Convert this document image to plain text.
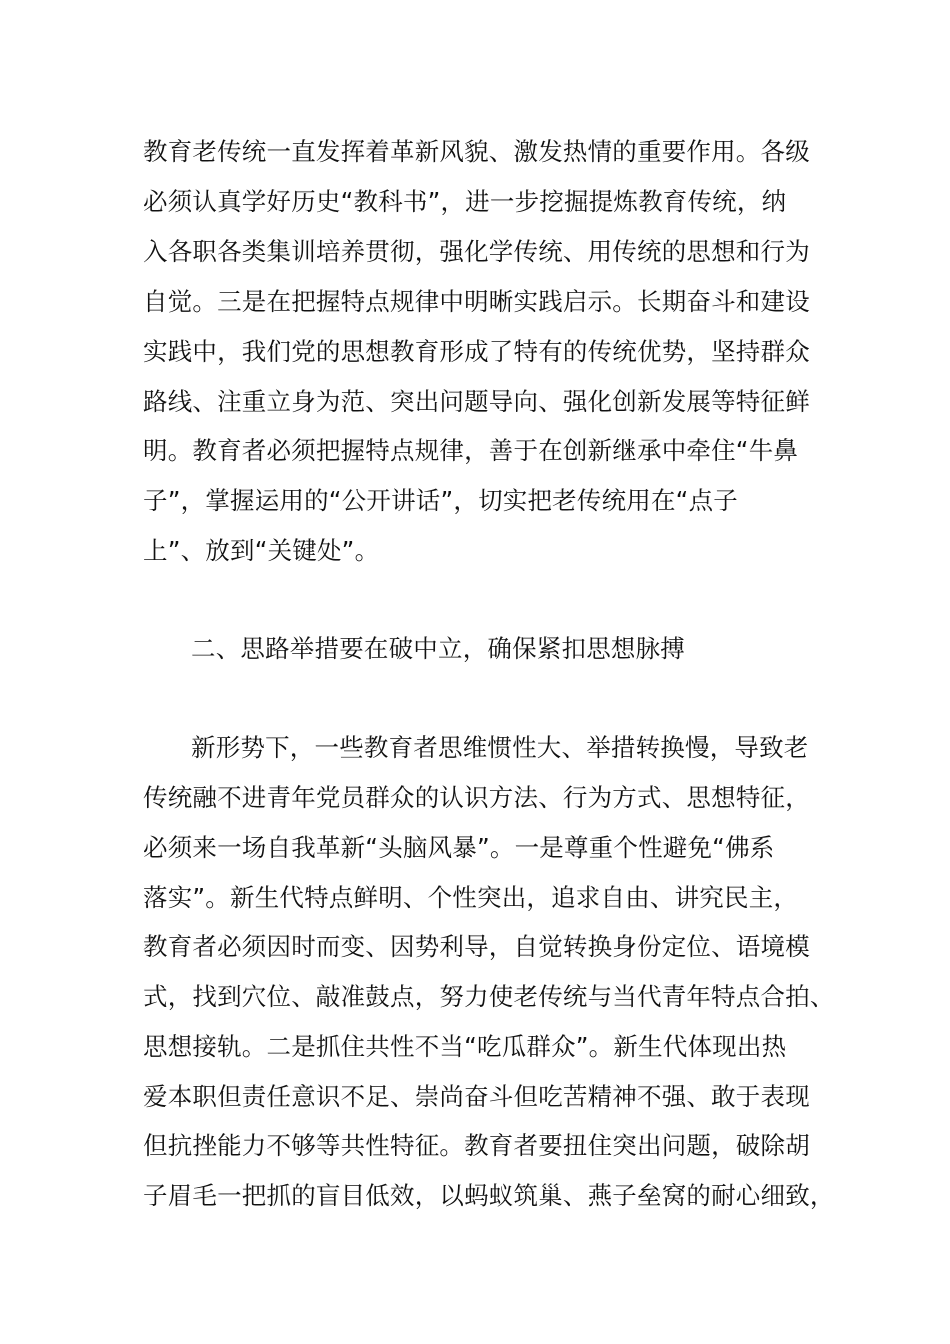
教育老传统一直发挥着革新风貌、激发热情的重要作用。各级
必须认真学好历史“教科书”，进一步挖掘提炼教育传统，纳
入各职各类集训培养贯彻，强化学传统、用传统的思想和行为
自觉。三是在把握特点规律中明晰实践启示。长期奋斗和建设
实践中，我们党的思想教育形成了特有的传统优势，坚持群众
路线、注重立身为范、突出问题导向、强化创新发展等特征鲜
明。教育者必须把握特点规律，善于在创新继承中牵住“牛鼻
子”，掌握运用的“公开讲话”，切实把老传统用在“点子
上”、放到“关键处”。
二、思路举措要在破中立，确保紧扣思想脉搏
新形势下，一些教育者思维惯性大、举措转换慢，导致老
传统融不进青年党员群众的认识方法、行为方式、思想特征，
必须来一场自我革新“头脑风暴”。一是尊重个性避免“佛系
落实”。新生代特点鲜明、个性突出，追求自由、讲究民主，
教育者必须因时而变、因势利导，自觉转换身份定位、语境模
式，找到穴位、敲准鼓点，努力使老传统与当代青年特点合拍、
思想接轨。二是抓住共性不当“吃瓜群众”。新生代体现出热
爱本职但责任意识不足、崇尚奋斗但吃苦精神不强、敢于表现
但抗挫能力不够等共性特征。教育者要扭住突出问题，破除胡
子眉毛一把抓的盲目低效，以蚂蚁筑巢、燕子垒窝的耐心细致，
